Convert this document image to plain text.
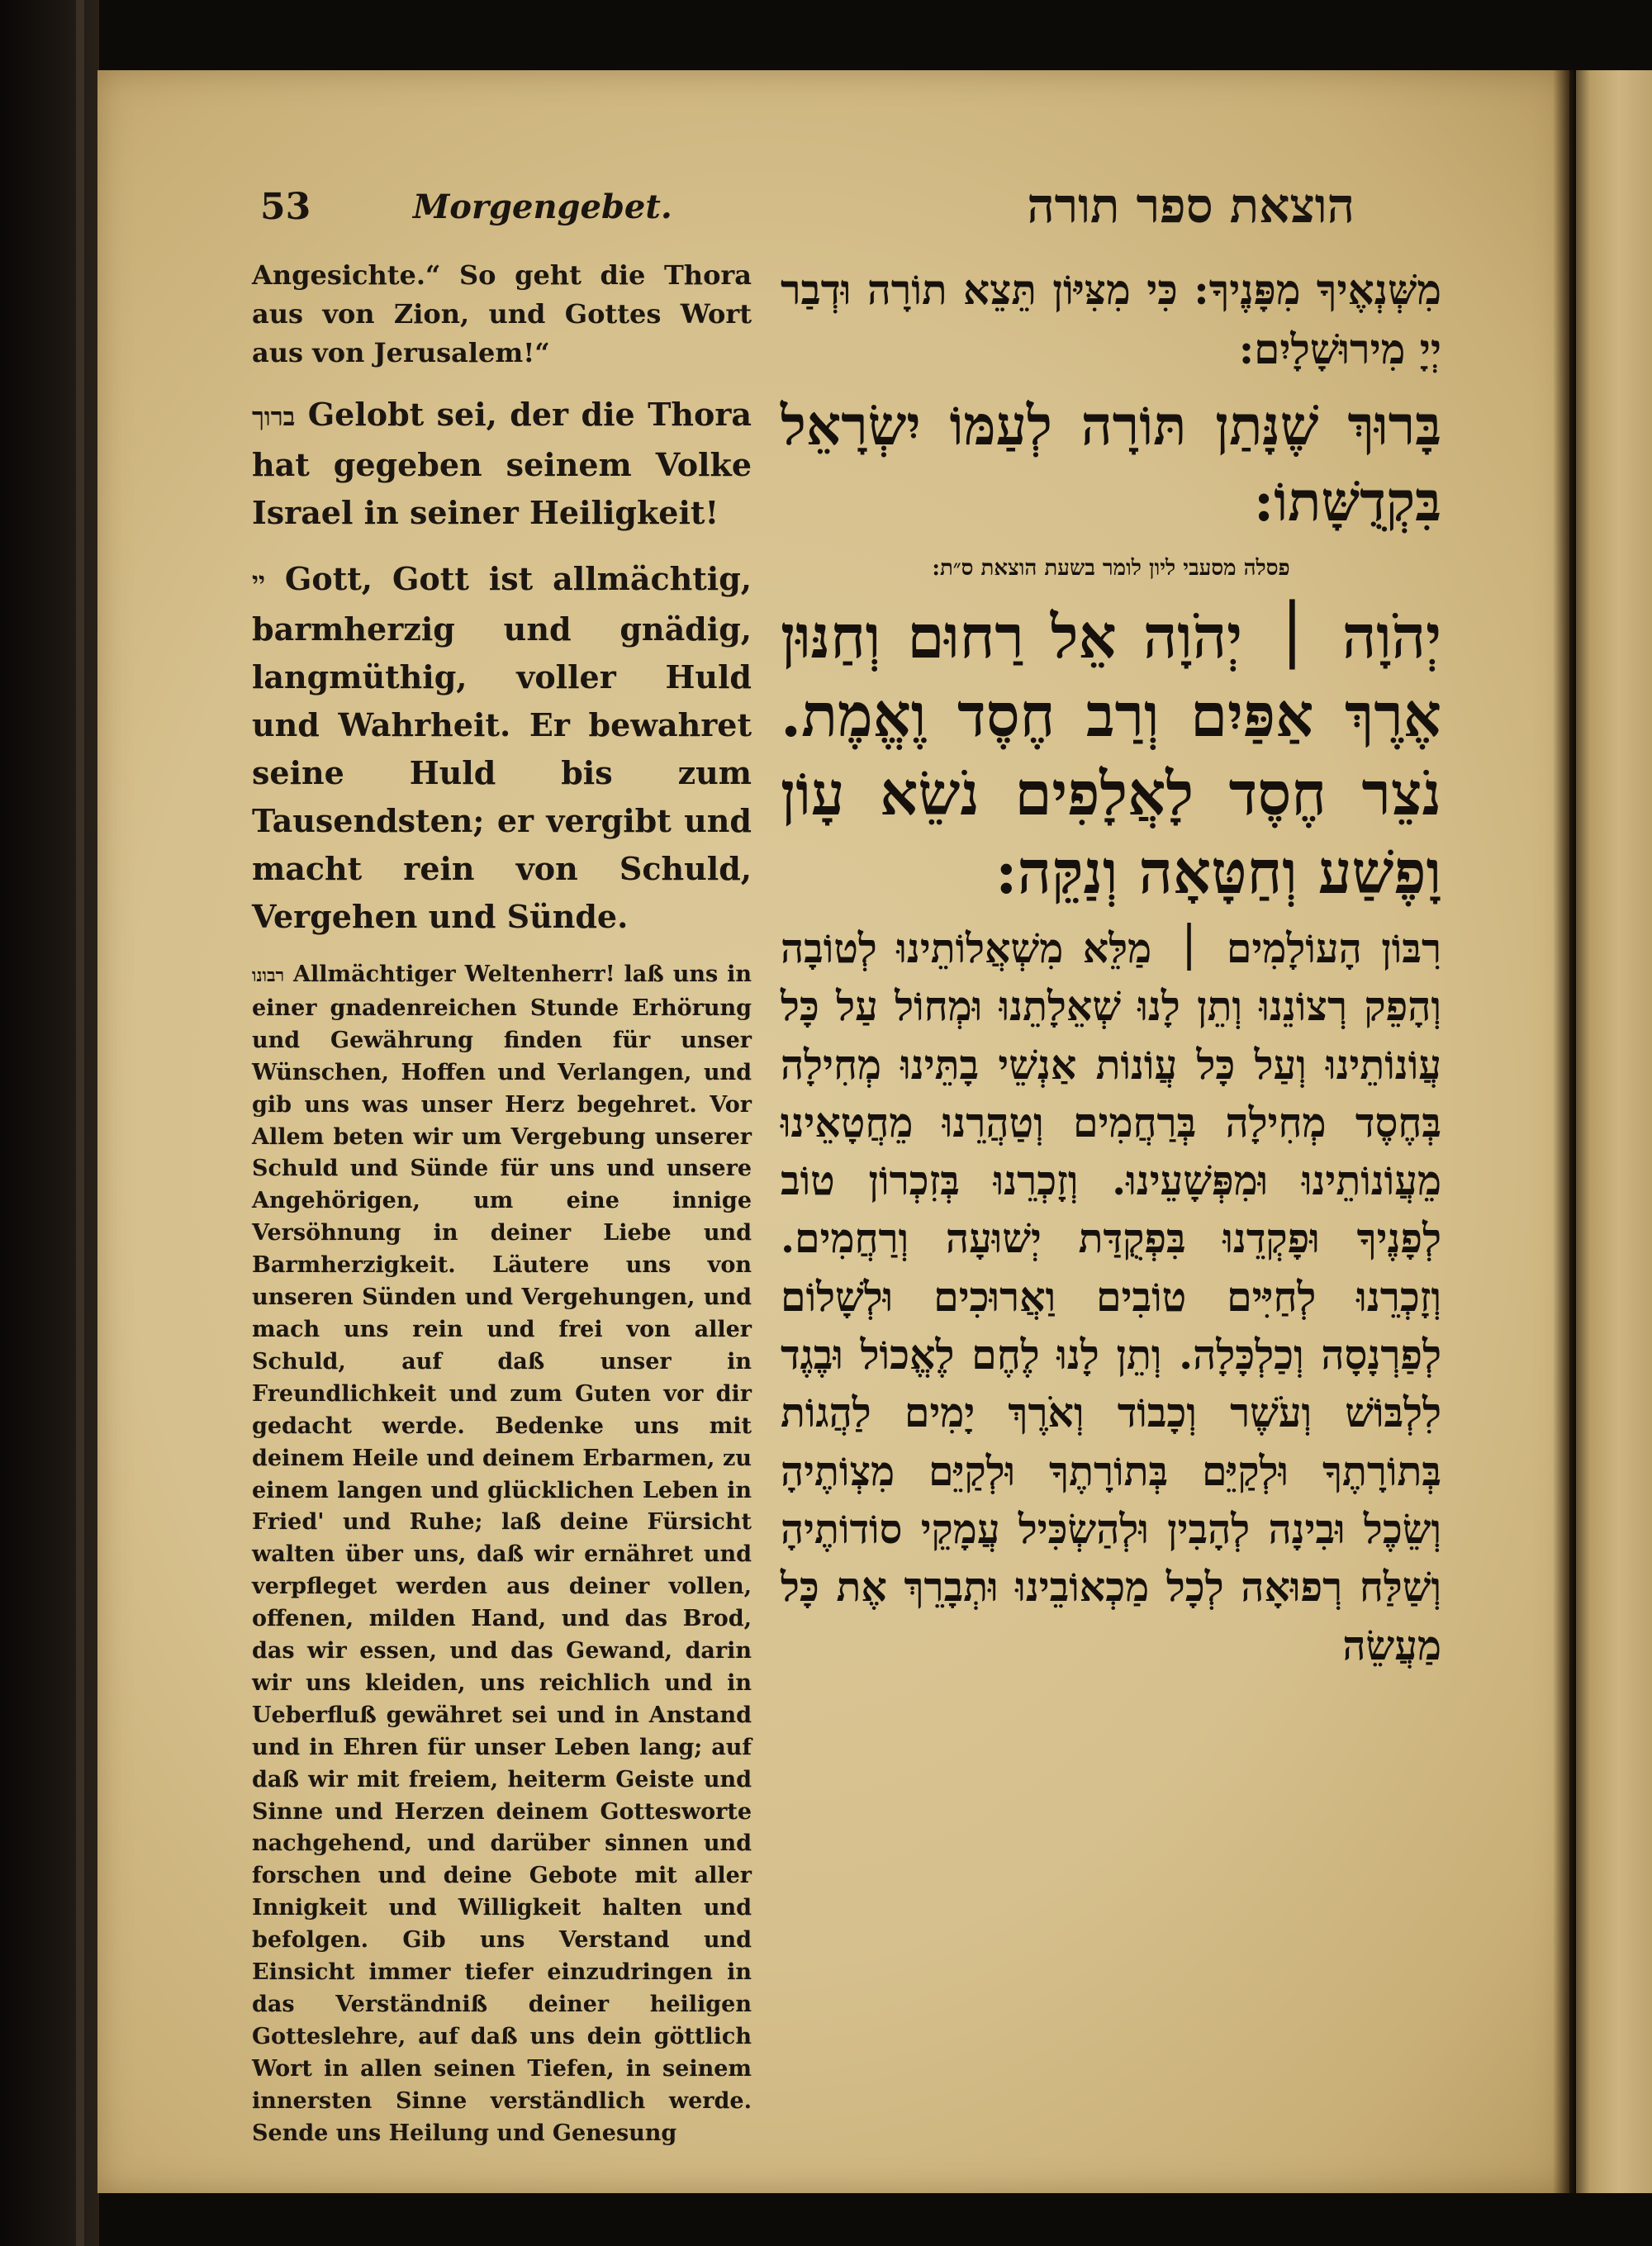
53	Morgengebet.	הוצאת ספר תורה

Angesichte.“ So geht die Thora aus von Zion, und Gottes Wort aus von Jerusalem!“

ברוך Gelobt sei, der die Thora hat gegeben seinem Volke Israel in seiner Heiligkeit!

יי Gott, Gott ist allmächtig, barmherzig und gnädig, langmüthig, voller Huld und Wahrheit. Er bewahret seine Huld bis zum Tausendsten; er vergibt und macht rein von Schuld, Vergehen und Sünde.

רבונו Allmächtiger Weltenherr! laß uns in einer gnadenreichen Stunde Erhörung und Gewährung finden für unser Wünschen, Hoffen und Verlangen, und gib uns was unser Herz begehret. Vor Allem beten wir um Vergebung unserer Schuld und Sünde für uns und unsere Angehörigen, um eine innige Versöhnung in deiner Liebe und Barmherzigkeit. Läutere uns von unseren Sünden und Vergehungen, und mach uns rein und frei von aller Schuld, auf daß unser in Freundlichkeit und zum Guten vor dir gedacht werde. Bedenke uns mit deinem Heile und deinem Erbarmen, zu einem langen und glücklichen Leben in Fried' und Ruhe; laß deine Fürsicht walten über uns, daß wir ernähret und verpfleget werden aus deiner vollen, offenen, milden Hand, und das Brod, das wir essen, und das Gewand, darin wir uns kleiden, uns reichlich und in Ueberfluß gewähret sei und in Anstand und in Ehren für unser Leben lang; auf daß wir mit freiem, heiterm Geiste und Sinne und Herzen deinem Gottesworte nachgehend, und darüber sinnen und forschen und deine Gebote mit aller Innigkeit und Willigkeit halten und befolgen. Gib uns Verstand und Einsicht immer tiefer einzudringen in das Verständniß deiner heiligen Gotteslehre, auf daß uns dein göttlich Wort in allen seinen Tiefen, in seinem innersten Sinne verständlich werde. Sende uns Heilung und Genesung

מִשְּׁנְאֶיךָ מִפָּנֶיךָ: כִּי מִצִּיּוֹן תֵּצֵא תוֹרָה וּדְבַר יְיָ מִירוּשָׁלָיִם:
בָּרוּךְ שֶׁנָּתַן תּוֹרָה לְעַמּוֹ יִשְׂרָאֵל בִּקְדֻשָּׁתוֹ:
פסלה מסעבי ליון לומר בשעת הוצאת ס״ת:
יְהֹוָה ׀ יְהֹוָה אֵל רַחוּם וְחַנּוּן אֶרֶךְ אַפַּיִם וְרַב חֶסֶד וֶאֱמֶת. נֹצֵר חֶסֶד לָאֲלָפִים נֹשֵׂא עָוֹן וָפֶשַׁע וְחַטָּאָה וְנַקֵּה:
רִבּוֹן הָעוֹלָמִים ׀ מַלֵּא מִשְׁאֲלוֹתֵינוּ לְטוֹבָה וְהָפֵק רְצוֹנֵנוּ וְתֵן לָנוּ שְׁאֵלָתֵנוּ וּמְחוֹל עַל כָּל עֲוֹנוֹתֵינוּ וְעַל כָּל עֲוֹנוֹת אַנְשֵׁי בָתֵּינוּ מְחִילָה בְּחֶסֶד מְחִילָה בְּרַחֲמִים וְטַהֲרֵנוּ מֵחֲטָאֵינוּ מֵעֲוֹנוֹתֵינוּ וּמִפְּשָׁעֵינוּ. וְזָכְרֵנוּ בְּזִכְרוֹן טוֹב לְפָנֶיךָ וּפָקְדֵנוּ בִּפְקֻדַּת יְשׁוּעָה וְרַחֲמִים. וְזָכְרֵנוּ לְחַיִּים טוֹבִים וַאֲרוּכִים וּלְשָׁלוֹם לְפַרְנָסָה וְכַלְכָּלָה. וְתֵן לָנוּ לֶחֶם לֶאֱכוֹל וּבֶגֶד לִלְבּוֹשׁ וְעֹשֶׁר וְכָבוֹד וְאֹרֶךְ יָמִים לַהֲגוֹת בְּתוֹרָתֶךָ וּלְקַיֵּם בְּתוֹרָתֶךָ וּלְקַיֵּם מִצְוֹתֶיהָ וְשֵׂכֶל וּבִינָה לְהָבִין וּלְהַשְׂכִּיל עֲמָקֵי סוֹדוֹתֶיהָ וְשַׁלַּח רְפוּאָה לְכָל מַכְאוֹבֵינוּ וּתְבָרֵךְ אֶת כָּל מַעֲשֵׂה
